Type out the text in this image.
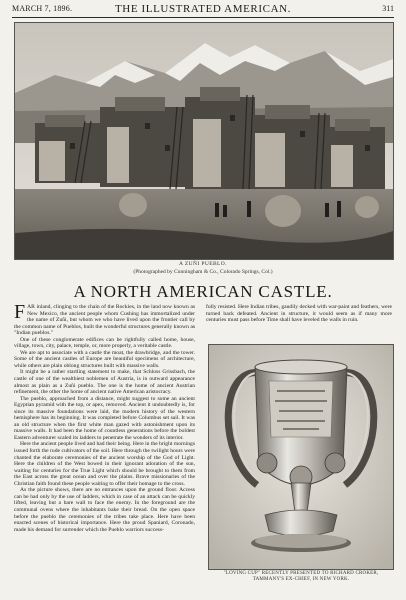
MARCH 7, 1896.	THE ILLUSTRATED AMERICAN.	311
A ZUÑI PUEBLO.
(Photographed by Cunningham & Co., Colorado Springs, Col.)
A NORTH AMERICAN CASTLE.

FAR inland, clinging to the chain of the Rockies, in the land now known as New Mexico, the ancient people whom Cushing has immortalized under the name of Zuñi, but whom we who have lived upon the frontier call by the common name of Pueblos, built the wonderful structures generally known as "Indian pueblos."

One of these conglomerate edifices can be rightfully called home, house, village, town, city, palace, temple, or, more properly, a veritable castle.

We are apt to associate with a castle the moat, the drawbridge, and the tower. Some of the ancient castles of Europe are beautiful specimens of architecture, while others are plain oblong structures built with massive walls.

It might be a rather startling statement to make, that Schloss Grissbach, the castle of one of the wealthiest noblemen of Austria, is in outward appearance almost as plain as a Zuñi pueblo. The one is the home of ancient Austrian refinement, the other the home of ancient native American aristocracy.

The pueblo, approached from a distance, might suggest to some an ancient Egyptian pyramid with the top, or apex, removed. Ancient it undoubtedly is, for since its massive foundations were laid, the modern history of the western hemisphere has its beginning. It was completed before Columbus set sail. It was an old structure when the first white man gazed with astonishment upon its massive walls. It had been the home of countless generations before the boldest Eastern adventurer scaled its ladders to penetrate the wonders of its interior.

Here the ancient people lived and had their being. Here in the bright mornings issued forth the rude cultivators of the soil. Here through the twilight hours were chanted the elaborate ceremonies of the ancient worship of the God of Light. Here the children of the West bowed in their ignorant adoration of the sun, waiting for centuries for the True Light which should be brought to them from the East across the great ocean and over the plains. Brave missionaries of the Christian faith found these people waiting to offer their homage to the cross.

As the picture shows, there are no entrances upon the ground floor. Access can be had only by the use of ladders, which in case of an attack can be quickly lifted, leaving but a bare wall to face the enemy. In the foreground are the communal ovens where the inhabitants bake their bread. On the open space before the pueblo the ceremonies of the tribes take place. Here have been enacted scenes of historical importance. Here the proud Spaniard, Coronado, made his demand for surrender which the Pueblo warriors success-

fully resisted. Here Indian tribes, gaudily decked with war-paint and feathers, were turned back defeated. Ancient in structure, it would seem as if many more centuries must pass before Time shall have leveled the walls in ruin.

"LOVING CUP" RECENTLY PRESENTED TO RICHARD CROKER,
TAMMANY'S EX-CHIEF, IN NEW YORK.
